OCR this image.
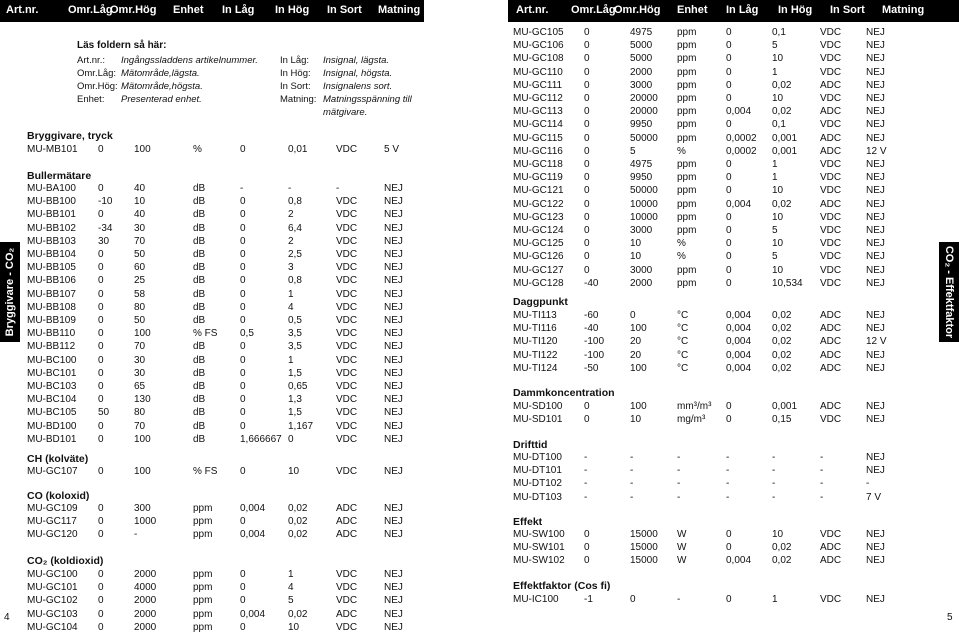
Art.nr.	Omr.Låg
Omr.Hög Enhet In Låg In Hög In Sort Matning	Art.nr. Omr.Låg
Omr.Hög Enhet In Låg In Hög In Sort Matning
Bryggivare - CO₂
4
CO₂ - Effektfaktor
5
Läs foldern så här:
Art.nr.: Ingångssladdens artikelnummer.
Omr.Låg: Mätområde,lägsta.
Omr.Hög: Mätområde,högsta.
Enhet: Presenterad enhet.
In Låg: Insignal, lägsta.
In Hög: Insignal, högsta.
In Sort: Insignalens sort.
Matning: Matningsspänning till
mätgivare.
Bryggivare, tryck
MU-MB101 0	100	%	0	0,01	VDC	5 V
Bullermätare
MU-BA100 0	40	dB	-	-	-	NEJ
MU-BB100 -10 10	dB	0	0,8	VDC	NEJ
MU-BB101 0	40	dB	0	2	VDC	NEJ
MU-BB102 -34 30	dB	0	6,4	VDC	NEJ
MU-BB103 30 70	dB	0	2	VDC	NEJ
MU-BB104 0	50	dB	0	2,5	VDC	NEJ
MU-BB105 0	60	dB	0	3	VDC	NEJ
MU-BB106 0	25	dB	0	0,8	VDC	NEJ
MU-BB107 0	58	dB	0	1	VDC	NEJ
MU-BB108 0	80	dB	0	4	VDC	NEJ
MU-BB109 0	50	dB	0	0,5	VDC	NEJ
MU-BB110 0	100	% FS 0,5	3,5	VDC	NEJ
MU-BB112 0	70	dB	0	3,5	VDC	NEJ
MU-BC100 0	30	dB	0	1	VDC	NEJ
MU-BC101 0	30	dB	0	1,5	VDC	NEJ
MU-BC103 0	65	dB	0	0,65	VDC	NEJ
MU-BC104 0	130	dB	0	1,3	VDC	NEJ
MU-BC105 50 80	dB	0	1,5	VDC	NEJ
MU-BD100 0	70	dB	0	1,167 VDC	NEJ
MU-BD101 0	100	dB	1,666667 0	VDC	NEJ
CH (kolväte)
MU-GC107 0	100	% FS 0	10	VDC	NEJ
CO (koloxid)
MU-GC109 0	300	ppm	0,004 0,02	ADC	NEJ
MU-GC117 0	1000	ppm	0	0,02	ADC	NEJ
MU-GC120 0	-	ppm	0,004 0,02	ADC	NEJ
CO₂ (koldioxid)
MU-GC100 0	2000	ppm	0	1	VDC	NEJ
MU-GC101 0	4000	ppm	0	4	VDC	NEJ
MU-GC102 0	2000	ppm	0	5	VDC	NEJ
MU-GC103 0	2000	ppm	0,004 0,02	ADC	NEJ
MU-GC104 0	2000	ppm	0	10	VDC	NEJ
MU-GC105 0	4975 ppm	0	0,1	VDC NEJ
MU-GC106 0	5000 ppm	0	5	VDC NEJ
MU-GC108 0	5000 ppm	0	10	VDC NEJ
MU-GC110 0	2000 ppm	0	1	VDC NEJ
MU-GC111 0	3000 ppm	0	0,02	ADC NEJ
MU-GC112 0	20000 ppm	0	10	VDC NEJ
MU-GC113 0	20000 ppm	0,004 0,02	ADC NEJ
MU-GC114 0	9950 ppm	0	0,1	VDC NEJ
MU-GC115 0	50000 ppm	0,0002 0,001 ADC NEJ
MU-GC116 0	5	%	0,0002 0,001 ADC 12 V
MU-GC118 0	4975 ppm	0	1	VDC NEJ
MU-GC119 0	9950 ppm	0	1	VDC NEJ
MU-GC121 0	50000 ppm	0	10	VDC NEJ
MU-GC122 0	10000 ppm	0,004 0,02	ADC NEJ
MU-GC123 0	10000 ppm	0	10	VDC NEJ
MU-GC124 0	3000 ppm	0	5	VDC NEJ
MU-GC125 0	10	%	0	10	VDC NEJ
MU-GC126 0	10	%	0	5	VDC NEJ
MU-GC127 0	3000 ppm	0	10	VDC NEJ
MU-GC128 -40	2000 ppm	0	10,534 VDC NEJ
Daggpunkt
MU-TI113	-60	0	°C	0,004 0,02	ADC NEJ
MU-TI116	-40	100	°C	0,004 0,02	ADC NEJ
MU-TI120	-100	20	°C	0,004 0,02	ADC 12 V
MU-TI122	-100	20	°C	0,004 0,02	ADC NEJ
MU-TI124	-50	100	°C	0,004 0,02	ADC NEJ
Dammkoncentration
MU-SD100 0	100	mm³/m³ 0	0,001 ADC NEJ
MU-SD101 0	10	mg/m³ 0	0,15	VDC NEJ
Drifttid
MU-DT100 -	-	-	-	-	-	NEJ
MU-DT101 -	-	-	-	-	-	NEJ
MU-DT102 -	-	-	-	-	-	-
MU-DT103 -	-	-	-	-	-	7 V
Effekt
MU-SW100 0	15000 W	0	10	VDC NEJ
MU-SW101 0	15000 W	0	0,02	ADC NEJ
MU-SW102 0	15000 W	0,004 0,02	ADC NEJ
Effektfaktor (Cos fi)
MU-IC100	-1	0	-	0	1	VDC NEJ
